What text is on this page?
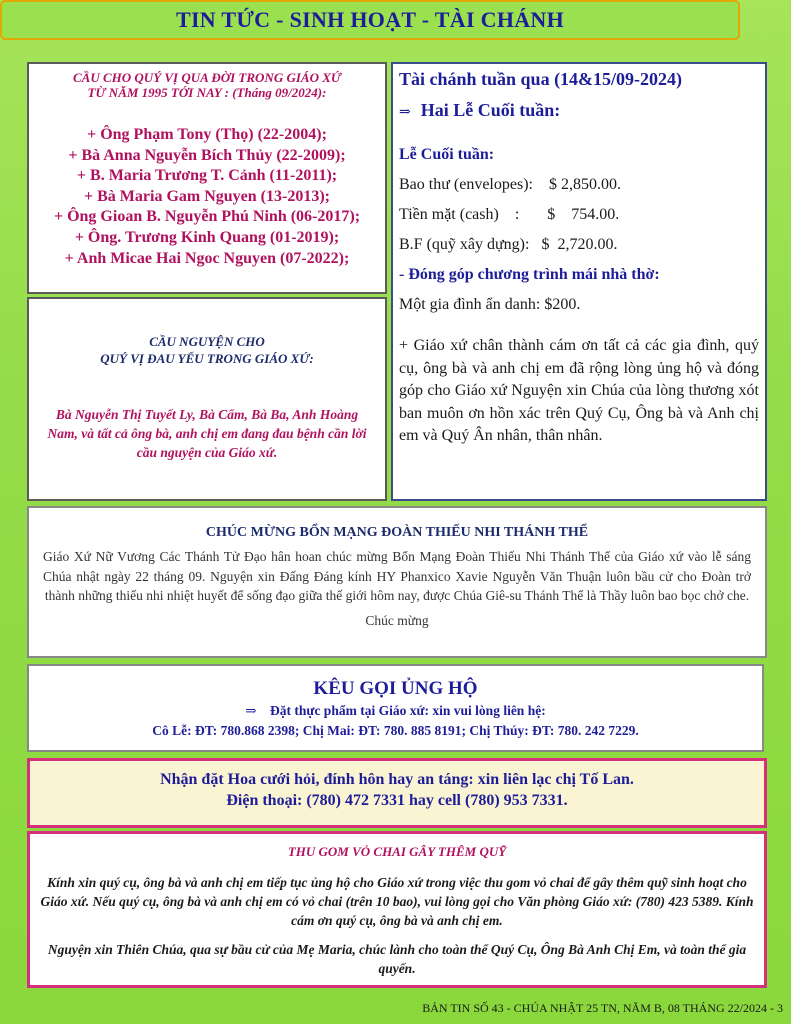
TIN TỨC - SINH HOẠT - TÀI CHÁNH
CẦU CHO QUÝ VỊ QUA ĐỜI TRONG GIÁO XỨ
TỪ NĂM 1995 TỚI NAY : (Tháng 09/2024):
+ Ông Phạm Tony (Thọ) (22-2004);
+ Bà Anna Nguyễn Bích Thủy (22-2009);
+ B. Maria Trương T. Cảnh (11-2011);
+ Bà Maria Gam Nguyen (13-2013);
+ Ông Gioan B. Nguyễn Phú Ninh (06-2017);
+ Ông. Trương Kinh Quang (01-2019);
+ Anh Micae Hai Ngoc Nguyen (07-2022);
CẦU NGUYỆN CHO
QUÝ VỊ ĐAU YẾU TRONG GIÁO XỨ:
Bà Nguyễn Thị Tuyết Ly, Bà Cẩm, Bà Ba, Anh Hoàng Nam, và tất cả ông bà, anh chị em đang đau bệnh cần lời cầu nguyện của Giáo xứ.
Tài chánh tuần qua (14&15/09-2024)
⇒ Hai Lễ Cuối tuần:

Lễ Cuối tuần:

Bao thư (envelopes):    $ 2,850.00.

Tiền mặt (cash)    :       $    754.00.

B.F (quỹ xây dựng):   $  2,720.00.

- Đóng góp chương trình mái nhà thờ:

Một gia đình ẩn danh: $200.

+ Giáo xứ chân thành cám ơn tất cả các gia đình, quý cụ, ông bà và anh chị em đã rộng lòng ủng hộ và đóng góp cho Giáo xứ Nguyện xin Chúa của lòng thương xót ban muôn ơn hồn xác trên Quý Cụ, Ông bà và Anh chị em và Quý Ân nhân, thân nhân.

CHÚC MỪNG BỔN MẠNG ĐOÀN THIẾU NHI THÁNH THỂ
Giáo Xứ Nữ Vương Các Thánh Tử Đạo hân hoan chúc mừng Bổn Mạng Đoàn Thiếu Nhi Thánh Thể của Giáo xứ vào lễ sáng Chúa nhật ngày 22 tháng 09. Nguyện xin Đấng Đáng kính HY Phanxico Xavie Nguyễn Văn Thuận luôn bầu cử cho Đoàn trở thành những thiếu nhi nhiệt huyết để sống đạo giữa thế giới hôm nay, được Chúa Giê-su Thánh Thể là Thầy luôn bao bọc chở che.
Chúc mừng
KÊU GỌI ỦNG HỘ
⇒ Đặt thực phẩm tại Giáo xứ: xin vui lòng liên hệ:
Cô Lễ: ĐT: 780.868 2398; Chị Mai: ĐT: 780. 885 8191; Chị Thúy: ĐT: 780. 242 7229.
Nhận đặt Hoa cưới hỏi, đính hôn hay an táng: xin liên lạc chị Tố Lan.
Điện thoại: (780) 472 7331 hay cell (780) 953 7331.
THU GOM VỎ CHAI GÂY THÊM QUỸ
Kính xin quý cụ, ông bà và anh chị em tiếp tục ủng hộ cho Giáo xứ trong việc thu gom vỏ chai để gây thêm quỹ sinh hoạt cho Giáo xứ. Nếu quý cụ, ông bà và anh chị em có vỏ chai (trên 10 bao), vui lòng gọi cho Văn phòng Giáo xứ: (780) 423 5389. Kính cám ơn quý cụ, ông bà và anh chị em.
Nguyện xin Thiên Chúa, qua sự bầu cử của Mẹ Maria, chúc lành cho toàn thể Quý Cụ, Ông Bà Anh Chị Em, và toàn thể gia quyến.
BẢN TIN SỐ 43 - CHÚA NHẬT 25 TN, NĂM B, 08 THÁNG 22/2024 - 3
